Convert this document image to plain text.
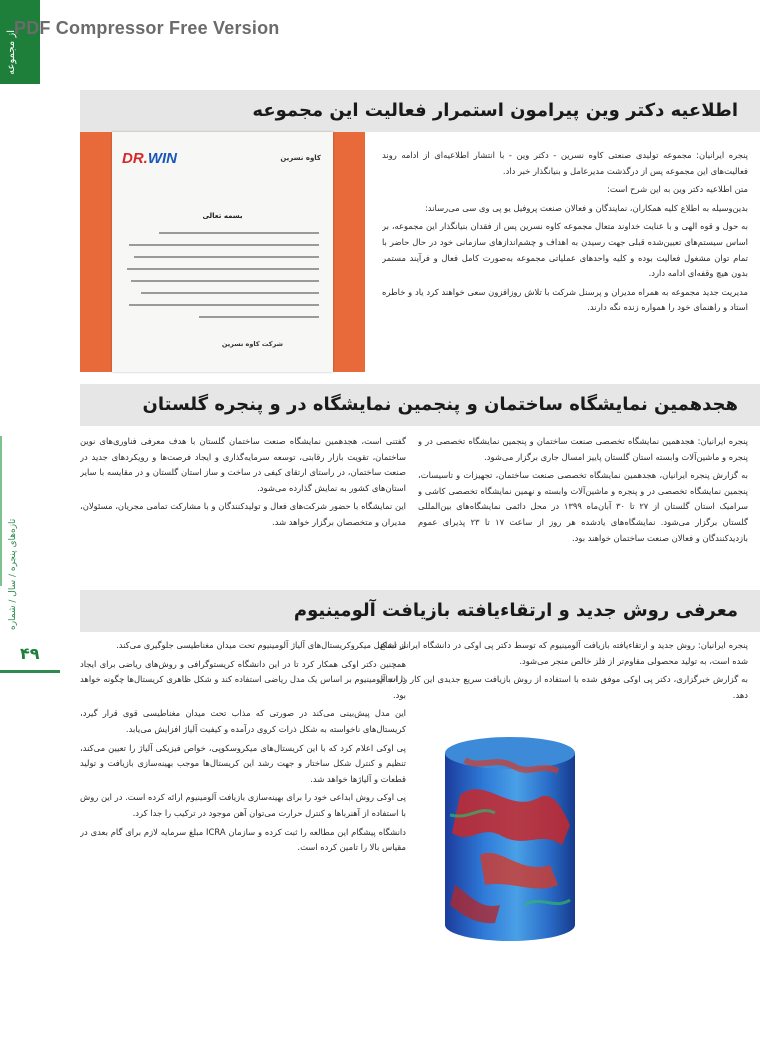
از مجموعه
PDF Compressor Free Version
تازه‌های پنجره / سال / شماره
۴۹
اطلاعیه دکتر وین پیرامون استمرار فعالیت این مجموعه
DR.WIN	کاوه نسرین
بسمه تعالی
شرکت کاوه نسرین

پنجره ایرانیان: مجموعه تولیدی صنعتی کاوه نسرین - دکتر وین - با انتشار اطلاعیه‌ای از ادامه روند فعالیت‌های این مجموعه پس از درگذشت مدیرعامل و بنیانگذار خبر داد.

متن اطلاعیه دکتر وین به این شرح است:

بدین‌وسیله به اطلاع کلیه همکاران، نمایندگان و فعالان صنعت پروفیل یو پی وی سی می‌رساند:

به حول و قوه الهی و با عنایت خداوند متعال مجموعه کاوه نسرین پس از فقدان بنیانگذار این مجموعه، بر اساس سیستم‌های تعیین‌شده قبلی جهت رسیدن به اهداف و چشم‌اندازهای سازمانی خود در حال حاضر با تمام توان مشغول فعالیت بوده و کلیه واحدهای عملیاتی مجموعه به‌صورت کامل فعال و فرآیند مستمر بدون هیچ وقفه‌ای ادامه دارد.

مدیریت جدید مجموعه به همراه مدیران و پرسنل شرکت با تلاش روزافزون سعی خواهند کرد یاد و خاطره استاد و راهنمای خود را همواره زنده نگه دارند.

هجدهمین نمایشگاه ساختمان و پنجمین نمایشگاه در و پنجره گلستان

پنجره ایرانیان: هجدهمین نمایشگاه تخصصی صنعت ساختمان و پنجمین نمایشگاه تخصصی در و پنجره و ماشین‌آلات وابسته استان گلستان پاییز امسال جاری برگزار می‌شود.

به گزارش پنجره ایرانیان، هجدهمین نمایشگاه تخصصی صنعت ساختمان، تجهیزات و تاسیسات، پنجمین نمایشگاه تخصصی در و پنجره و ماشین‌آلات وابسته و نهمین نمایشگاه تخصصی کاشی و سرامیک استان گلستان از ۲۷ تا ۳۰ آبان‌ماه ۱۳۹۹ در محل دائمی نمایشگاه‌های بین‌المللی گلستان برگزار می‌شود. نمایشگاه‌های یادشده هر روز از ساعت ۱۷ تا ۲۳ پذیرای عموم بازدیدکنندگان و فعالان صنعت ساختمان خواهند بود.

گفتنی است، هجدهمین نمایشگاه صنعت ساختمان گلستان با هدف معرفی فناوری‌های نوین ساختمان، تقویت بازار رقابتی، توسعه سرمایه‌گذاری و ایجاد فرصت‌ها و رویکردهای جدید در صنعت ساختمان، در راستای ارتقای کیفی در ساخت و ساز استان گلستان و در مقایسه با سایر استان‌های کشور به نمایش گذارده می‌شود.

این نمایشگاه با حضور شرکت‌های فعال و تولیدکنندگان و با مشارکت تمامی مجریان، مسئولان، مدیران و متخصصان برگزار خواهد شد.

معرفی روش جدید و ارتقاء‌یافته بازیافت آلومینیوم

پنجره ایرانیان: روش جدید و ارتقاءیافته بازیافت آلومینیوم که توسط دکتر پی اوکی در دانشگاه ایرانی ابداع شده است، به تولید محصولی مقاوم‌تر از فلز خالص منجر می‌شود.

به گزارش خبرگزاری، دکتر پی اوکی موفق شده با استفاده از روش بازیافت سریع جدیدی این کار را انجام دهد.

از تشکیل میکروکریستال‌های آلیاژ آلومینیوم تحت میدان مغناطیسی جلوگیری می‌کند.

همچنین دکتر اوکی همکار کرد تا در این دانشگاه کریستوگرافی و روش‌های ریاضی برای ایجاد ذرات آلومینیوم بر اساس یک مدل ریاضی استفاده کند و شکل ظاهری کریستال‌ها چگونه خواهد بود.

این مدل پیش‌بینی می‌کند در صورتی که مذاب تحت میدان مغناطیسی قوی قرار گیرد، کریستال‌های ناخواسته به شکل ذرات کروی درآمده و کیفیت آلیاژ افزایش می‌یابد.

پی اوکی اعلام کرد که با این کریستال‌های میکروسکوپی، خواص فیزیکی آلیاژ را تعیین می‌کند، تنظیم و کنترل شکل ساختار و جهت رشد این کریستال‌ها موجب بهینه‌سازی بازیافت و تولید قطعات و آلیاژها خواهد شد.

پی اوکی روش ابداعی خود را برای بهینه‌سازی بازیافت آلومینیوم ارائه کرده است. در این روش با استفاده از آهنرباها و کنترل حرارت می‌توان آهن موجود در ترکیب را جدا کرد.

دانشگاه پیشگام این مطالعه را ثبت کرده و سازمان ICRA مبلغ سرمایه لازم برای گام بعدی در مقیاس بالا را تامین کرده است.
